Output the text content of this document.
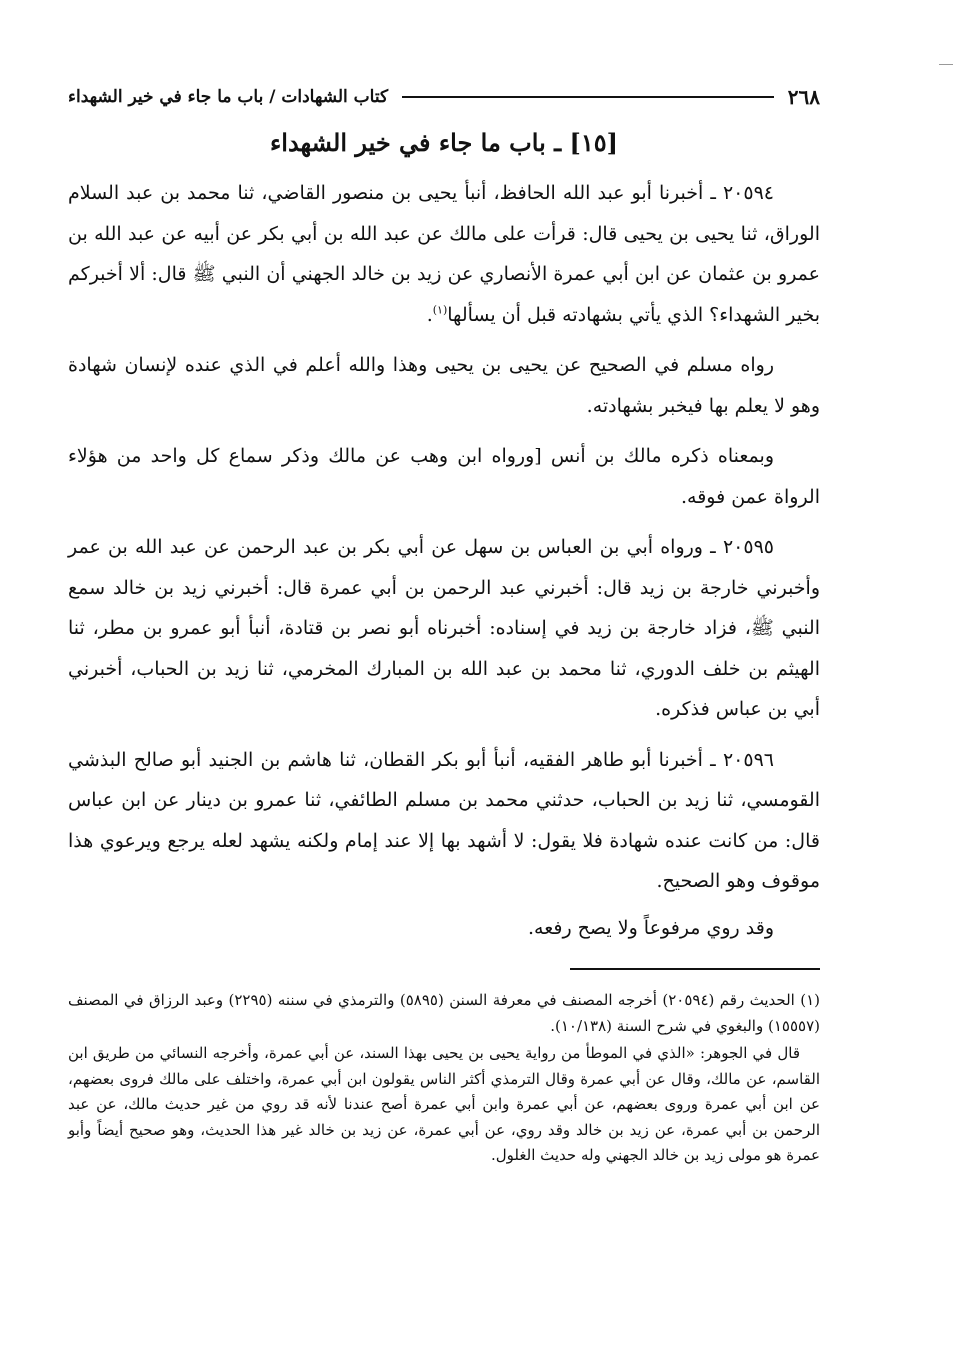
٢٦٨
كتاب الشهادات / باب ما جاء في خير الشهداء
[١٥] ـ باب ما جاء في خير الشهداء

٢٠٥٩٤ ـ أخبرنا أبو عبد الله الحافظ، أنبأ يحيى بن منصور القاضي، ثنا محمد بن عبد السلام الوراق، ثنا يحيى بن يحيى قال: قرأت على مالك عن عبد الله بن أبي بكر عن أبيه عن عبد الله بن عمرو بن عثمان عن ابن أبي عمرة الأنصاري عن زيد بن خالد الجهني أن النبي ﷺ قال: ألا أخبركم بخير الشهداء؟ الذي يأتي بشهادته قبل أن يسألها$^{(١)}$.

رواه مسلم في الصحيح عن يحيى بن يحيى وهذا والله أعلم في الذي عنده لإنسان شهادة وهو لا يعلم بها فيخبر بشهادته.

وبمعناه ذكره مالك بن أنس [ورواه ابن وهب عن مالك وذكر سماع كل واحد من هؤلاء الرواة عمن فوقه.

٢٠٥٩٥ ـ ورواه أبي بن العباس بن سهل عن أبي بكر بن عبد الرحمن عن عبد الله بن عمر وأخبرني خارجة بن زيد قال: أخبرني عبد الرحمن بن أبي عمرة قال: أخبرني زيد بن خالد سمع النبي ﷺ، فزاد خارجة بن زيد في إسناده: أخبرناه أبو نصر بن قتادة، أنبأ أبو عمرو بن مطر، ثنا الهيثم بن خلف الدوري، ثنا محمد بن عبد الله بن المبارك المخرمي، ثنا زيد بن الحباب، أخبرني أبي بن عباس فذكره.

٢٠٥٩٦ ـ أخبرنا أبو طاهر الفقيه، أنبأ أبو بكر القطان، ثنا هاشم بن الجنيد أبو صالح البذشي القومسي، ثنا زيد بن الحباب، حدثني محمد بن مسلم الطائفي، ثنا عمرو بن دينار عن ابن عباس قال: من كانت عنده شهادة فلا يقول: لا أشهد بها إلا عند إمام ولكنه يشهد لعله يرجع ويرعوي هذا موقوف وهو الصحيح.

وقد روي مرفوعاً ولا يصح رفعه.

(١) الحديث رقم (٢٠٥٩٤) أخرجه المصنف في معرفة السنن (٥٨٩٥) والترمذي في سننه (٢٢٩٥) وعبد الرزاق في المصنف (١٥٥٥٧) والبغوي في شرح السنة (١٠/١٣٨).

قال في الجوهر: «الذي في الموطأ من رواية يحيى بن يحيى بهذا السند، عن أبي عمرة، وأخرجه النسائي من طريق ابن القاسم، عن مالك، وقال عن أبي عمرة وقال الترمذي أكثر الناس يقولون ابن أبي عمرة، واختلف على مالك فروى بعضهم، عن ابن أبي عمرة وروى بعضهم، عن أبي عمرة وابن أبي عمرة أصح عندنا لأنه قد روي من غير حديث مالك، عن عبد الرحمن بن أبي عمرة، عن زيد بن خالد وقد روي، عن أبي عمرة، عن زيد بن خالد غير هذا الحديث، وهو صحيح أيضاً وأبو عمرة هو مولى زيد بن خالد الجهني وله حديث الغلول.
